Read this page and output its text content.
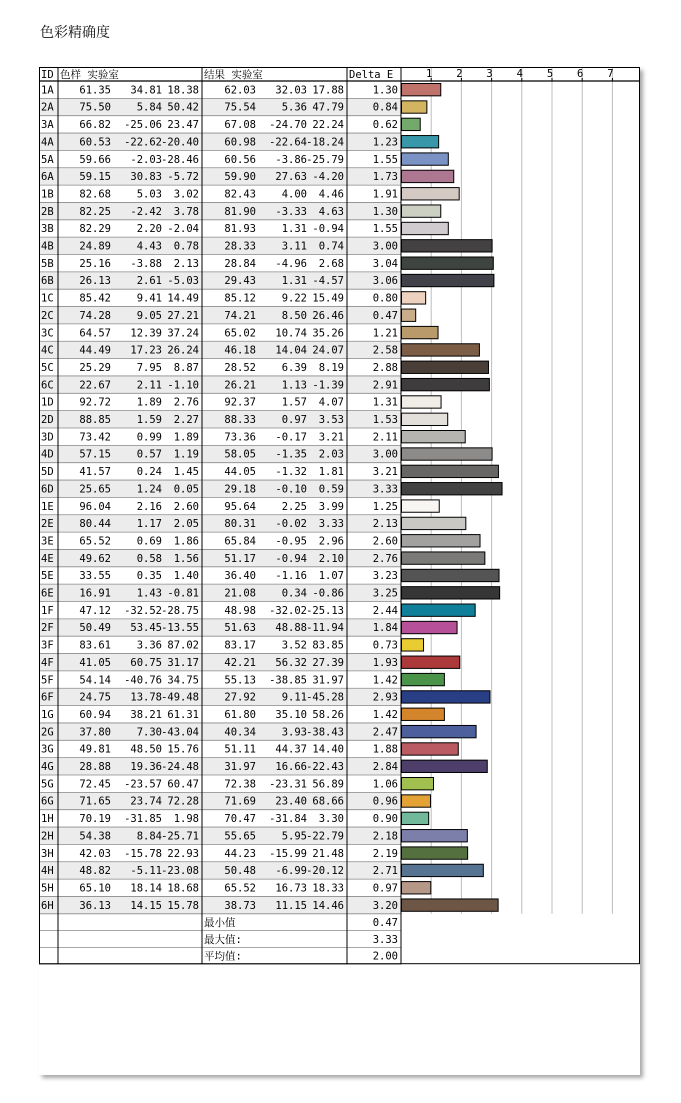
色彩精确度
ID 色样 实验室	结果 实验室	Delta E	1 2 3 4 5 6 7
1A 61.35 34.81 18.38 62.03 32.03 17.88	1.30
2A 75.50 5.84 50.42 75.54 5.36 47.79	0.84
3A 66.82 -25.06 23.47 67.08 -24.70 22.24	0.62
4A 60.53 -22.62 -20.40 60.98 -22.64 -18.24	1.23
5A 59.66 -2.03 -28.46 60.56 -3.86 -25.79	1.55
6A 59.15 30.83 -5.72 59.90 27.63 -4.20	1.73
1B 82.68 5.03 3.02 82.43 4.00 4.46	1.91
2B 82.25 -2.42 3.78 81.90 -3.33 4.63	1.30
3B 82.29 2.20 -2.04 81.93 1.31 -0.94	1.55
4B 24.89 4.43 0.78 28.33 3.11 0.74	3.00
5B 25.16 -3.88 2.13 28.84 -4.96 2.68	3.04
6B 26.13 2.61 -5.03 29.43 1.31 -4.57	3.06
1C 85.42 9.41 14.49 85.12 9.22 15.49	0.80
2C 74.28 9.05 27.21 74.21 8.50 26.46	0.47
3C 64.57 12.39 37.24 65.02 10.74 35.26	1.21
4C 44.49 17.23 26.24 46.18 14.04 24.07	2.58
5C 25.29 7.95 8.87 28.52 6.39 8.19	2.88
6C 22.67 2.11 -1.10 26.21 1.13 -1.39	2.91
1D 92.72 1.89 2.76 92.37 1.57 4.07	1.31
2D 88.85 1.59 2.27 88.33 0.97 3.53	1.53
3D 73.42 0.99 1.89 73.36 -0.17 3.21	2.11
4D 57.15 0.57 1.19 58.05 -1.35 2.03	3.00
5D 41.57 0.24 1.45 44.05 -1.32 1.81	3.21
6D 25.65 1.24 0.05 29.18 -0.10 0.59	3.33
1E 96.04 2.16 2.60 95.64 2.25 3.99	1.25
2E 80.44 1.17 2.05 80.31 -0.02 3.33	2.13
3E 65.52 0.69 1.86 65.84 -0.95 2.96	2.60
4E 49.62 0.58 1.56 51.17 -0.94 2.10	2.76
5E 33.55 0.35 1.40 36.40 -1.16 1.07	3.23
6E 16.91 1.43 -0.81 21.08 0.34 -0.86	3.25
1F 47.12 -32.52 -28.75 48.98 -32.02 -25.13	2.44
2F 50.49 53.45 -13.55 51.63 48.88 -11.94	1.84
3F 83.61 3.36 87.02 83.17 3.52 83.85	0.73
4F 41.05 60.75 31.17 42.21 56.32 27.39	1.93
5F 54.14 -40.76 34.75 55.13 -38.85 31.97	1.42
6F 24.75 13.78 -49.48 27.92 9.11 -45.28	2.93
1G 60.94 38.21 61.31 61.80 35.10 58.26	1.42
2G 37.80 7.30 -43.04 40.34 3.93 -38.43	2.47
3G 49.81 48.50 15.76 51.11 44.37 14.40	1.88
4G 28.88 19.36 -24.48 31.97 16.66 -22.43	2.84
5G 72.45 -23.57 60.47 72.38 -23.31 56.89	1.06
6G 71.65 23.74 72.28 71.69 23.40 68.66	0.96
1H 70.19 -31.85 1.98 70.47 -31.84 3.30	0.90
2H 54.38 8.84 -25.71 55.65 5.95 -22.79	2.18
3H 42.03 -15.78 22.93 44.23 -15.99 21.48	2.19
4H 48.82 -5.11 -23.08 50.48 -6.99 -20.12	2.71
5H 65.10 18.14 18.68 65.52 16.73 18.33	0.97
6H 36.13 14.15 15.78 38.73 11.15 14.46	3.20
最小值	0.47
最大值:	3.33
平均值:	2.00
